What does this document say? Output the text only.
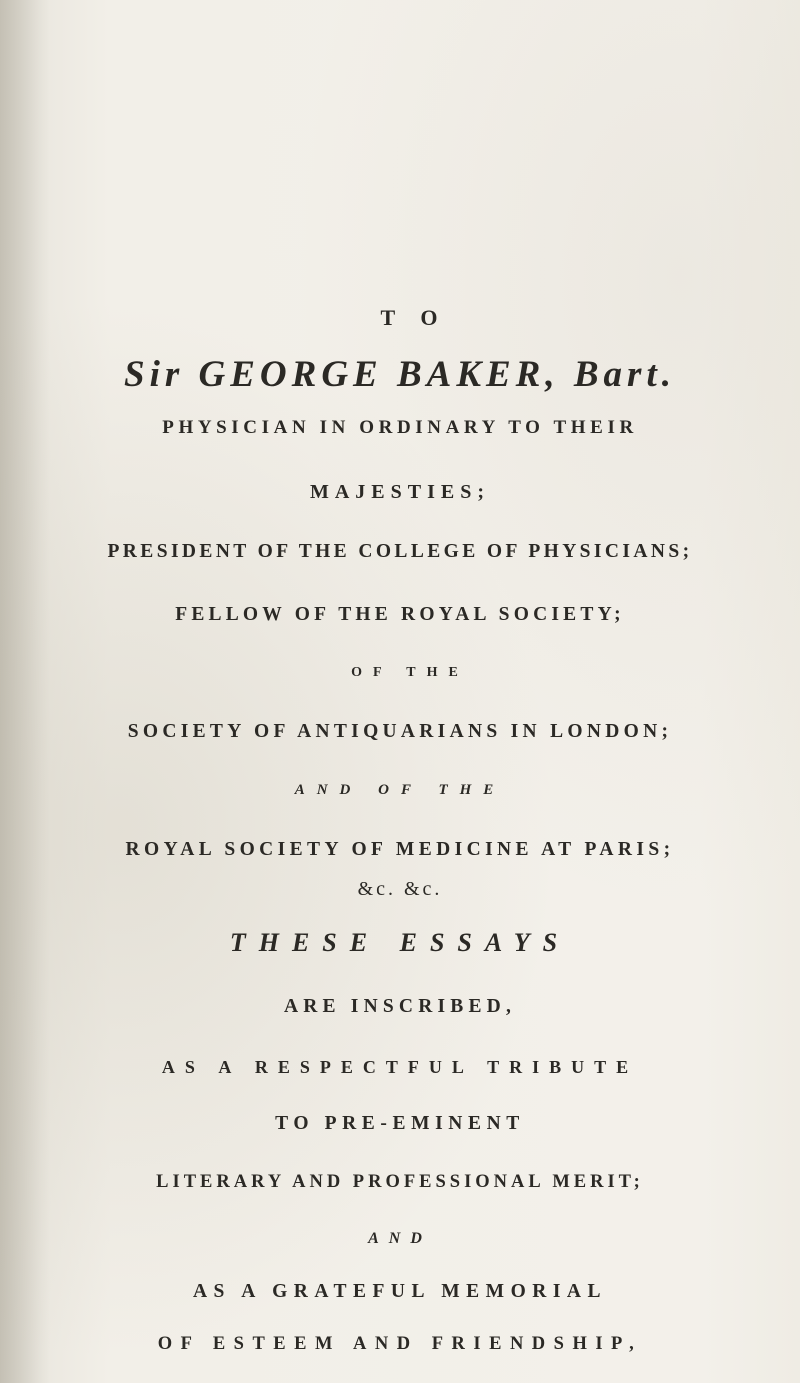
T O
Sir GEORGE BAKER, Bart.
PHYSICIAN IN ORDINARY TO THEIR
MAJESTIES;
PRESIDENT OF THE COLLEGE OF PHYSICIANS;
FELLOW OF THE ROYAL SOCIETY;
OF THE
SOCIETY OF ANTIQUARIANS IN LONDON;
AND OF THE
ROYAL SOCIETY OF MEDICINE AT PARIS;
&c. &c.
THESE ESSAYS
ARE INSCRIBED,
AS A RESPECTFUL TRIBUTE
TO PRE-EMINENT
LITERARY AND PROFESSIONAL MERIT;
AND
AS A GRATEFUL MEMORIAL
OF ESTEEM AND FRIENDSHIP,
